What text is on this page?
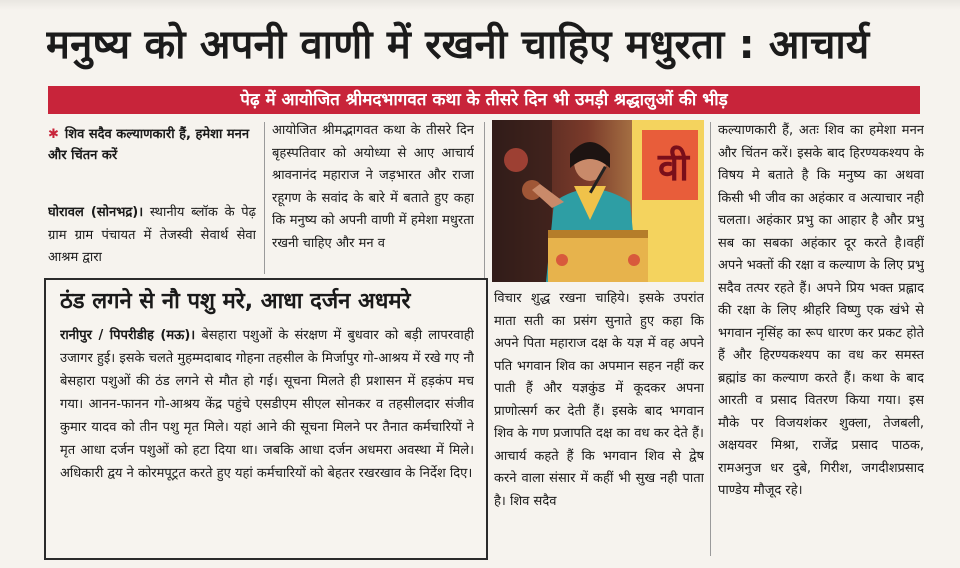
मनुष्य को अपनी वाणी में रखनी चाहिए मधुरता : आचार्य
पेढ़ में आयोजित श्रीमदभागवत कथा के तीसरे दिन भी उमड़ी श्रद्धालुओं की भीड़
✱ शिव सदैव कल्याणकारी हैं, हमेशा मनन और चिंतन करें
घोरावल (सोनभद्र)। स्थानीय ब्लॉक के पेढ़ ग्राम ग्राम पंचायत में तेजस्वी सेवार्थ सेवा आश्रम द्वारा
आयोजित श्रीमद्भागवत कथा के तीसरे दिन बृहस्पतिवार को अयोध्या से आए आचार्य श्रावनानंद महाराज ने जड़भारत और राजा रहूगण के सवांद के बारे में बताते हुए कहा कि मनुष्य को अपनी वाणी में हमेशा मधुरता रखनी चाहिए और मन व
वी
विचार शुद्ध रखना चाहिये। इसके उपरांत माता सती का प्रसंग सुनाते हुए कहा कि अपने पिता महाराज दक्ष के यज्ञ में वह अपने पति भगवान शिव का अपमान सहन नहीं कर पाती हैं और यज्ञकुंड में कूदकर अपना प्राणोत्सर्ग कर देती हैं। इसके बाद भगवान शिव के गण प्रजापति दक्ष का वध कर देते हैं। आचार्य कहते हैं कि भगवान शिव से द्वेष करने वाला संसार में कहीं भी सुख नही पाता है। शिव सदैव
कल्याणकारी हैं, अतः शिव का हमेशा मनन और चिंतन करें। इसके बाद हिरण्यकश्यप के विषय मे बताते है कि मनुष्य का अथवा किसी भी जीव का अहंकार व अत्याचार नही चलता। अहंकार प्रभु का आहार है और प्रभु सब का सबका अहंकार दूर करते है।वहीं अपने भक्तों की रक्षा व कल्याण के लिए प्रभु सदैव तत्पर रहते हैं। अपने प्रिय भक्त प्रह्लाद की रक्षा के लिए श्रीहरि विष्णु एक खंभे से भगवान नृसिंह का रूप धारण कर प्रकट होते हैं और हिरण्यकश्यप का वध कर समस्त ब्रह्मांड का कल्याण करते हैं। कथा के बाद आरती व प्रसाद वितरण किया गया। इस मौके पर विजयशंकर शुक्ला, तेजबली, अक्षयवर मिश्रा, राजेंद्र प्रसाद पाठक, रामअनुज धर दुबे, गिरीश, जगदीशप्रसाद पाण्डेय मौजूद रहे।
ठंड लगने से नौ पशु मरे, आधा दर्जन अधमरे
रानीपुर / पिपरीडीह (मऊ)। बेसहारा पशुओं के संरक्षण में बुधवार को बड़ी लापरवाही उजागर हुई। इसके चलते मुहम्मदाबाद गोहना तहसील के मिर्जापुर गो-आश्रय में रखे गए नौ बेसहारा पशुओं की ठंड लगने से मौत हो गई। सूचना मिलते ही प्रशासन में हड़कंप मच गया। आनन-फानन गो-आश्रय केंद्र पहुंचे एसडीएम सीएल सोनकर व तहसीलदार संजीव कुमार यादव को तीन पशु मृत मिले। यहां आने की सूचना मिलने पर तैनात कर्मचारियों ने मृत आधा दर्जन पशुओं को हटा दिया था। जबकि आधा दर्जन अधमरा अवस्था में मिले। अधिकारी द्वय ने कोरमपूट्रत करते हुए यहां कर्मचारियों को बेहतर रखरखाव के निर्देश दिए।
